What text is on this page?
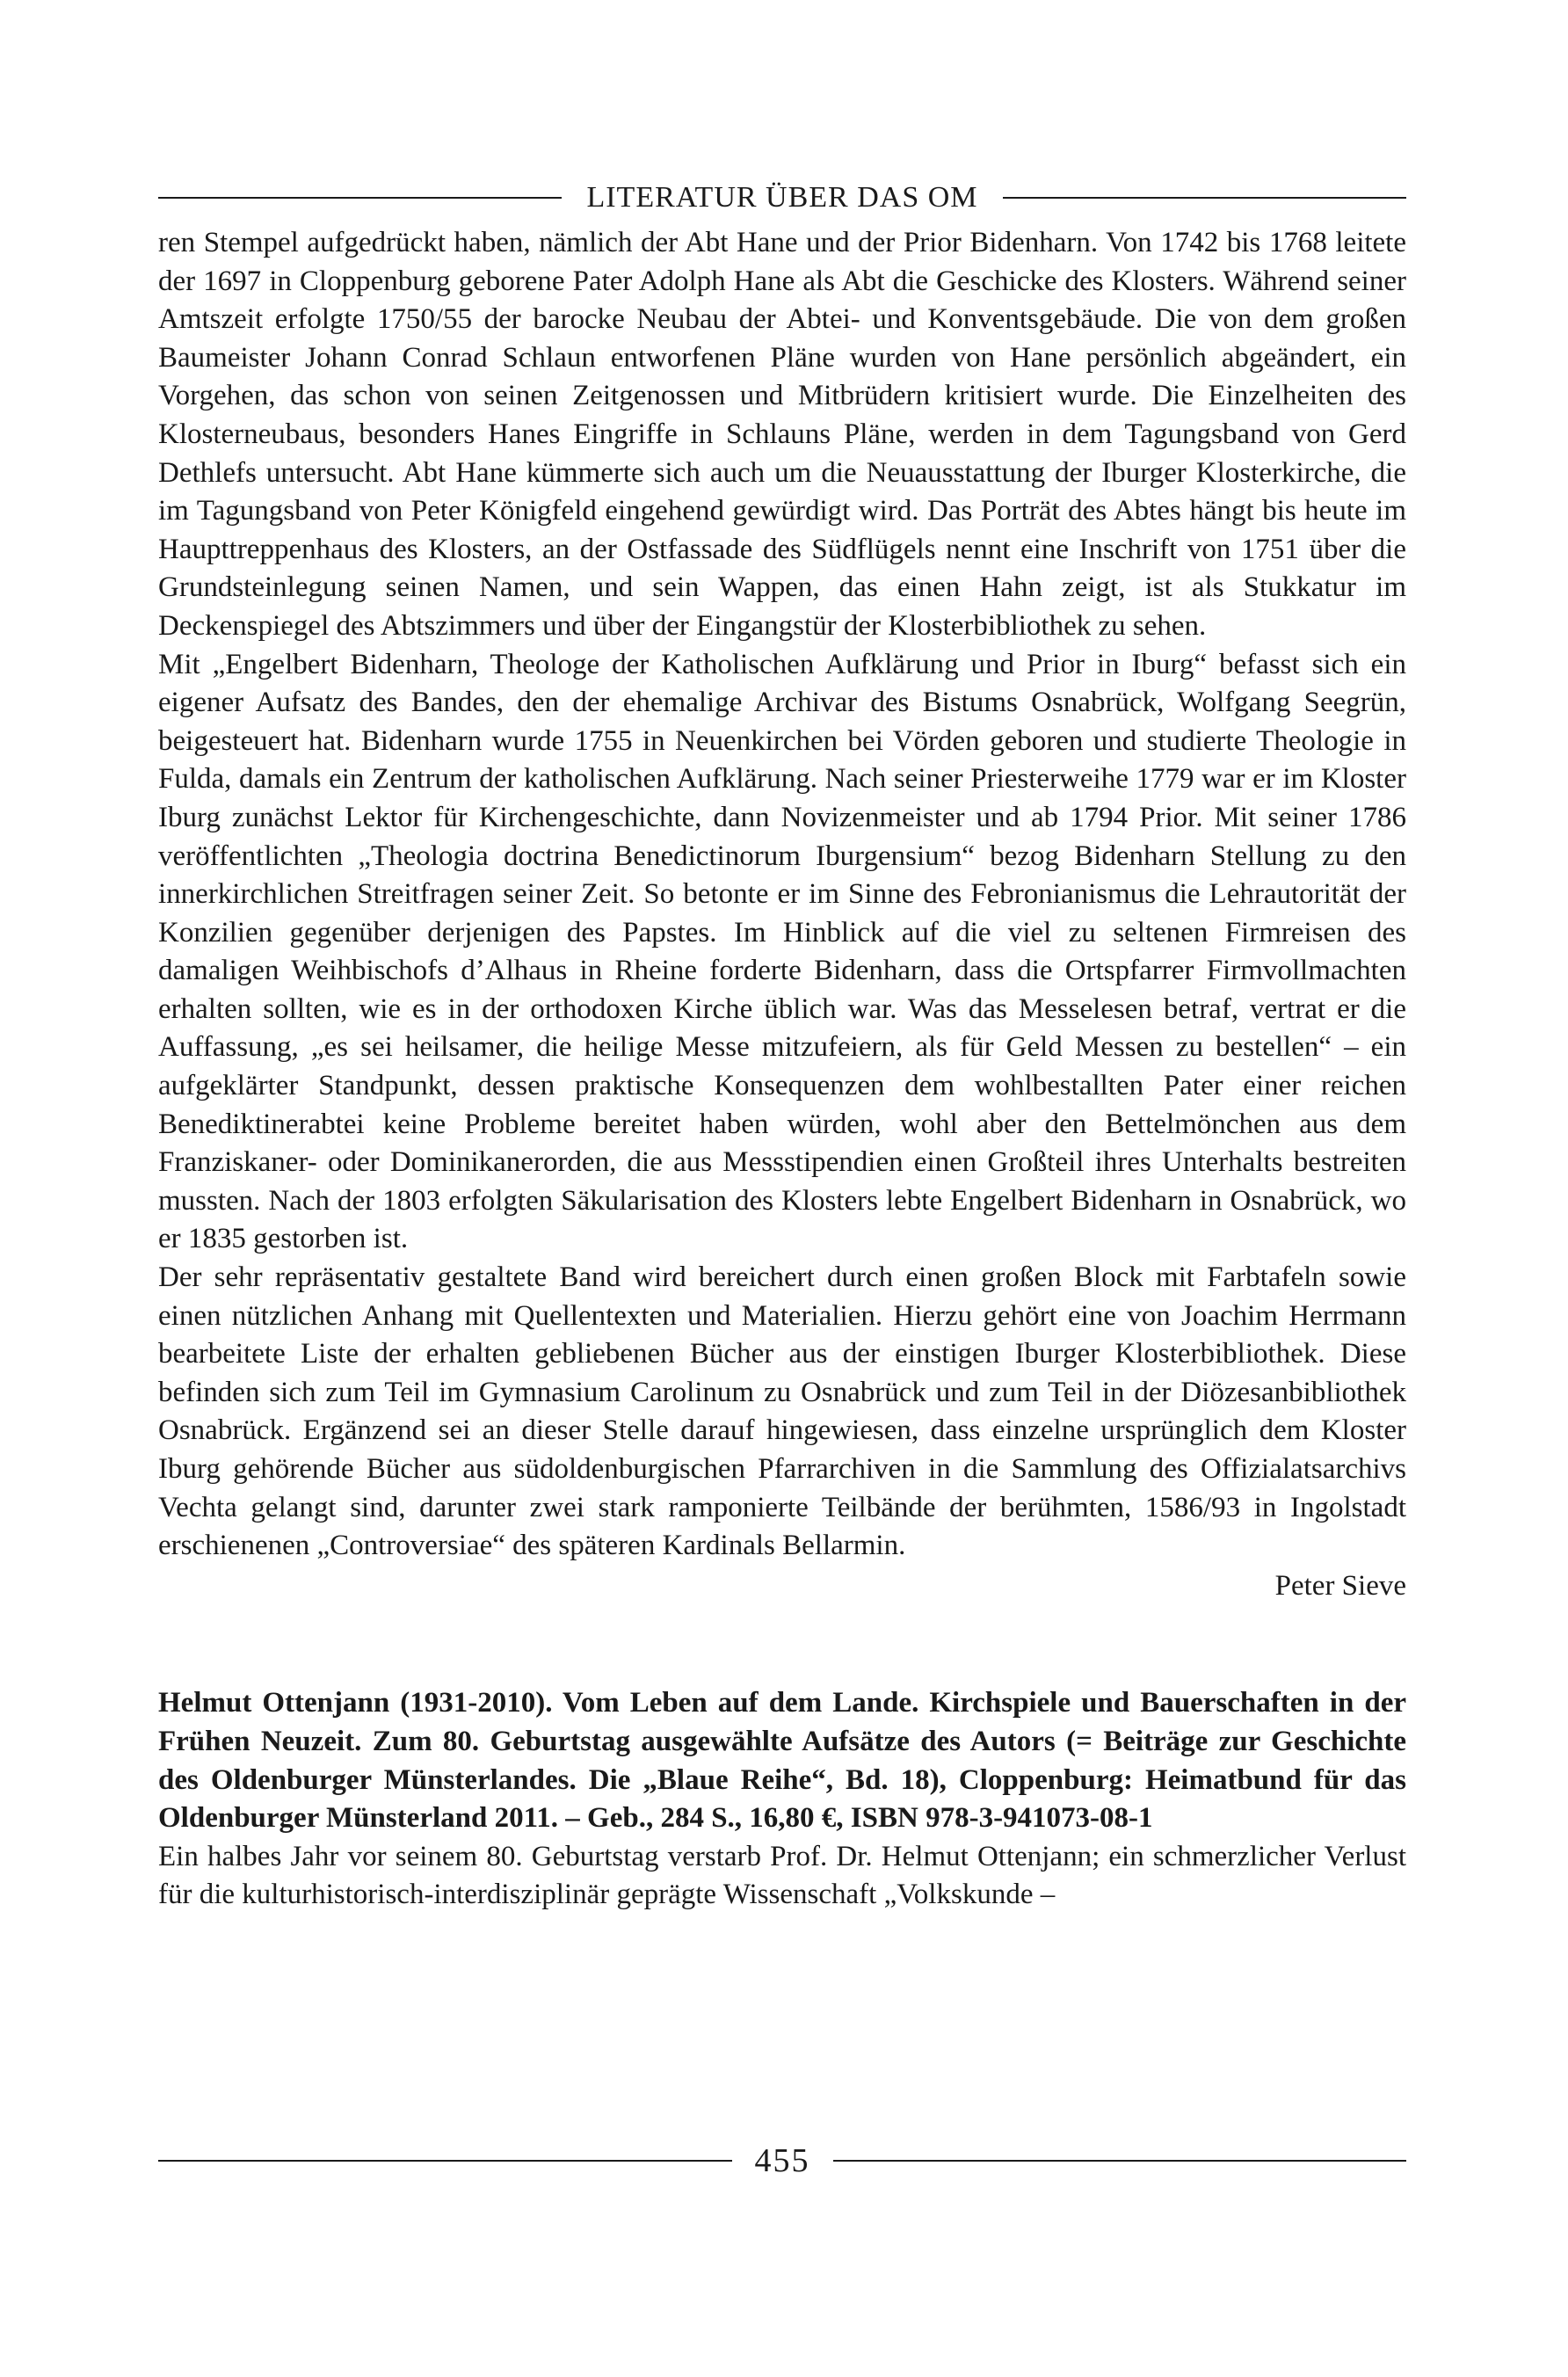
LITERATUR ÜBER DAS OM

ren Stempel aufgedrückt haben, nämlich der Abt Hane und der Prior Bidenharn. Von 1742 bis 1768 leitete der 1697 in Cloppenburg geborene Pater Adolph Hane als Abt die Geschicke des Klosters. Während seiner Amtszeit erfolgte 1750/55 der barocke Neubau der Abtei- und Konventsgebäude. Die von dem großen Baumeister Johann Conrad Schlaun entworfenen Pläne wurden von Hane persönlich abgeändert, ein Vorgehen, das schon von seinen Zeitgenossen und Mitbrüdern kritisiert wurde. Die Einzelheiten des Klosterneubaus, besonders Hanes Eingriffe in Schlauns Pläne, werden in dem Tagungsband von Gerd Dethlefs untersucht. Abt Hane kümmerte sich auch um die Neuausstattung der Iburger Klosterkirche, die im Tagungsband von Peter Königfeld eingehend gewürdigt wird. Das Porträt des Abtes hängt bis heute im Haupttreppenhaus des Klosters, an der Ostfassade des Südflügels nennt eine Inschrift von 1751 über die Grundsteinlegung seinen Namen, und sein Wappen, das einen Hahn zeigt, ist als Stukkatur im Deckenspiegel des Abtszimmers und über der Eingangstür der Klosterbibliothek zu sehen.

Mit „Engelbert Bidenharn, Theologe der Katholischen Aufklärung und Prior in Iburg“ befasst sich ein eigener Aufsatz des Bandes, den der ehemalige Archivar des Bistums Osnabrück, Wolfgang Seegrün, beigesteuert hat. Bidenharn wurde 1755 in Neuenkirchen bei Vörden geboren und studierte Theologie in Fulda, damals ein Zentrum der katholischen Aufklärung. Nach seiner Priesterweihe 1779 war er im Kloster Iburg zunächst Lektor für Kirchengeschichte, dann Novizenmeister und ab 1794 Prior. Mit seiner 1786 veröffentlichten „Theologia doctrina Benedictinorum Iburgensium“ bezog Bidenharn Stellung zu den innerkirchlichen Streitfragen seiner Zeit. So betonte er im Sinne des Febronianismus die Lehrautorität der Konzilien gegenüber derjenigen des Papstes. Im Hinblick auf die viel zu seltenen Firmreisen des damaligen Weihbischofs d’Alhaus in Rheine forderte Bidenharn, dass die Ortspfarrer Firmvollmachten erhalten sollten, wie es in der orthodoxen Kirche üblich war. Was das Messelesen betraf, vertrat er die Auffassung, „es sei heilsamer, die heilige Messe mitzufeiern, als für Geld Messen zu bestellen“ – ein aufgeklärter Standpunkt, dessen praktische Konsequenzen dem wohlbestallten Pater einer reichen Benediktinerabtei keine Probleme bereitet haben würden, wohl aber den Bettelmönchen aus dem Franziskaner- oder Dominikanerorden, die aus Messstipendien einen Großteil ihres Unterhalts bestreiten mussten. Nach der 1803 erfolgten Säkularisation des Klosters lebte Engelbert Bidenharn in Osnabrück, wo er 1835 gestorben ist.

Der sehr repräsentativ gestaltete Band wird bereichert durch einen großen Block mit Farbtafeln sowie einen nützlichen Anhang mit Quellentexten und Materialien. Hierzu gehört eine von Joachim Herrmann bearbeitete Liste der erhalten gebliebenen Bücher aus der einstigen Iburger Klosterbibliothek. Diese befinden sich zum Teil im Gymnasium Carolinum zu Osnabrück und zum Teil in der Diözesanbibliothek Osnabrück. Ergänzend sei an dieser Stelle darauf hingewiesen, dass einzelne ursprünglich dem Kloster Iburg gehörende Bücher aus südoldenburgischen Pfarrarchiven in die Sammlung des Offizialatsarchivs Vechta gelangt sind, darunter zwei stark ramponierte Teilbände der berühmten, 1586/93 in Ingolstadt erschienenen „Controversiae“ des späteren Kardinals Bellarmin.

Peter Sieve
Helmut Ottenjann (1931-2010). Vom Leben auf dem Lande. Kirchspiele und Bauerschaften in der Frühen Neuzeit. Zum 80. Geburtstag ausgewählte Aufsätze des Autors (= Beiträge zur Geschichte des Oldenburger Münsterlandes. Die „Blaue Reihe“, Bd. 18), Cloppenburg: Heimatbund für das Oldenburger Münsterland 2011. – Geb., 284 S., 16,80 €, ISBN 978-3-941073-08-1

Ein halbes Jahr vor seinem 80. Geburtstag verstarb Prof. Dr. Helmut Ottenjann; ein schmerzlicher Verlust für die kulturhistorisch-interdisziplinär geprägte Wissenschaft „Volkskunde –

455
